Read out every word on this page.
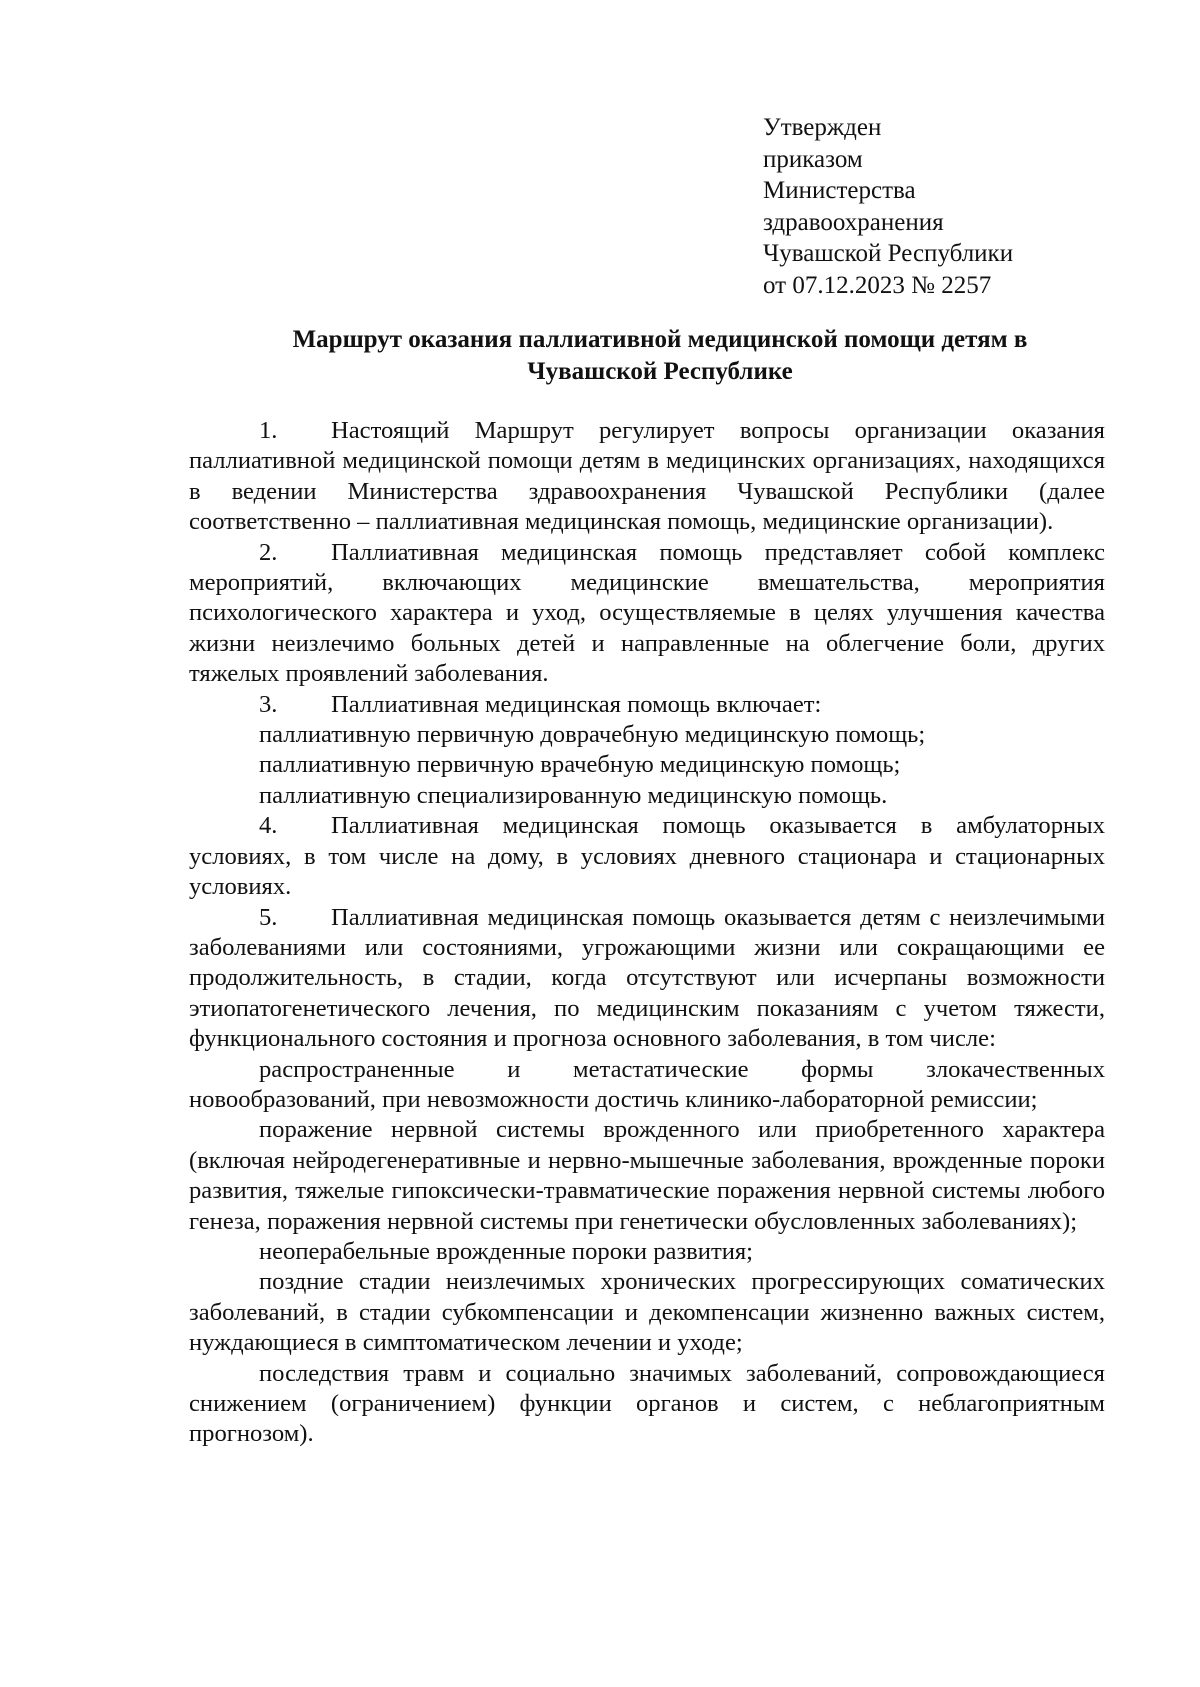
Утвержден
приказом
Министерства
здравоохранения
Чувашской Республики
от 07.12.2023 № 2257
Маршрут оказания паллиативной медицинской помощи детям в
Чувашской Республике

1. Настоящий Маршрут регулирует вопросы организации оказания паллиативной медицинской помощи детям в медицинских организациях, находящихся в ведении Министерства здравоохранения Чувашской Республики (далее соответственно – паллиативная медицинская помощь, медицинские организации).

2. Паллиативная медицинская помощь представляет собой комплекс мероприятий, включающих медицинские вмешательства, мероприятия психологического характера и уход, осуществляемые в целях улучшения качества жизни неизлечимо больных детей и направленные на облегчение боли, других тяжелых проявлений заболевания.

3. Паллиативная медицинская помощь включает:

паллиативную первичную доврачебную медицинскую помощь;

паллиативную первичную врачебную медицинскую помощь;

паллиативную специализированную медицинскую помощь.

4. Паллиативная медицинская помощь оказывается в амбулаторных условиях, в том числе на дому, в условиях дневного стационара и стационарных условиях.

5. Паллиативная медицинская помощь оказывается детям с неизлечимыми заболеваниями или состояниями, угрожающими жизни или сокращающими ее продолжительность, в стадии, когда отсутствуют или исчерпаны возможности этиопатогенетического лечения, по медицинским показаниям с учетом тяжести, функционального состояния и прогноза основного заболевания, в том числе:

распространенные и метастатические формы злокачественных новообразований, при невозможности достичь клинико-лабораторной ремиссии;

поражение нервной системы врожденного или приобретенного характера (включая нейродегенеративные и нервно-мышечные заболевания, врожденные пороки развития, тяжелые гипоксически-травматические поражения нервной системы любого генеза, поражения нервной системы при генетически обусловленных заболеваниях);

неоперабельные врожденные пороки развития;

поздние стадии неизлечимых хронических прогрессирующих соматических заболеваний, в стадии субкомпенсации и декомпенсации жизненно важных систем, нуждающиеся в симптоматическом лечении и уходе;

последствия травм и социально значимых заболеваний, сопровождающиеся снижением (ограничением) функции органов и систем, с неблагоприятным прогнозом).
